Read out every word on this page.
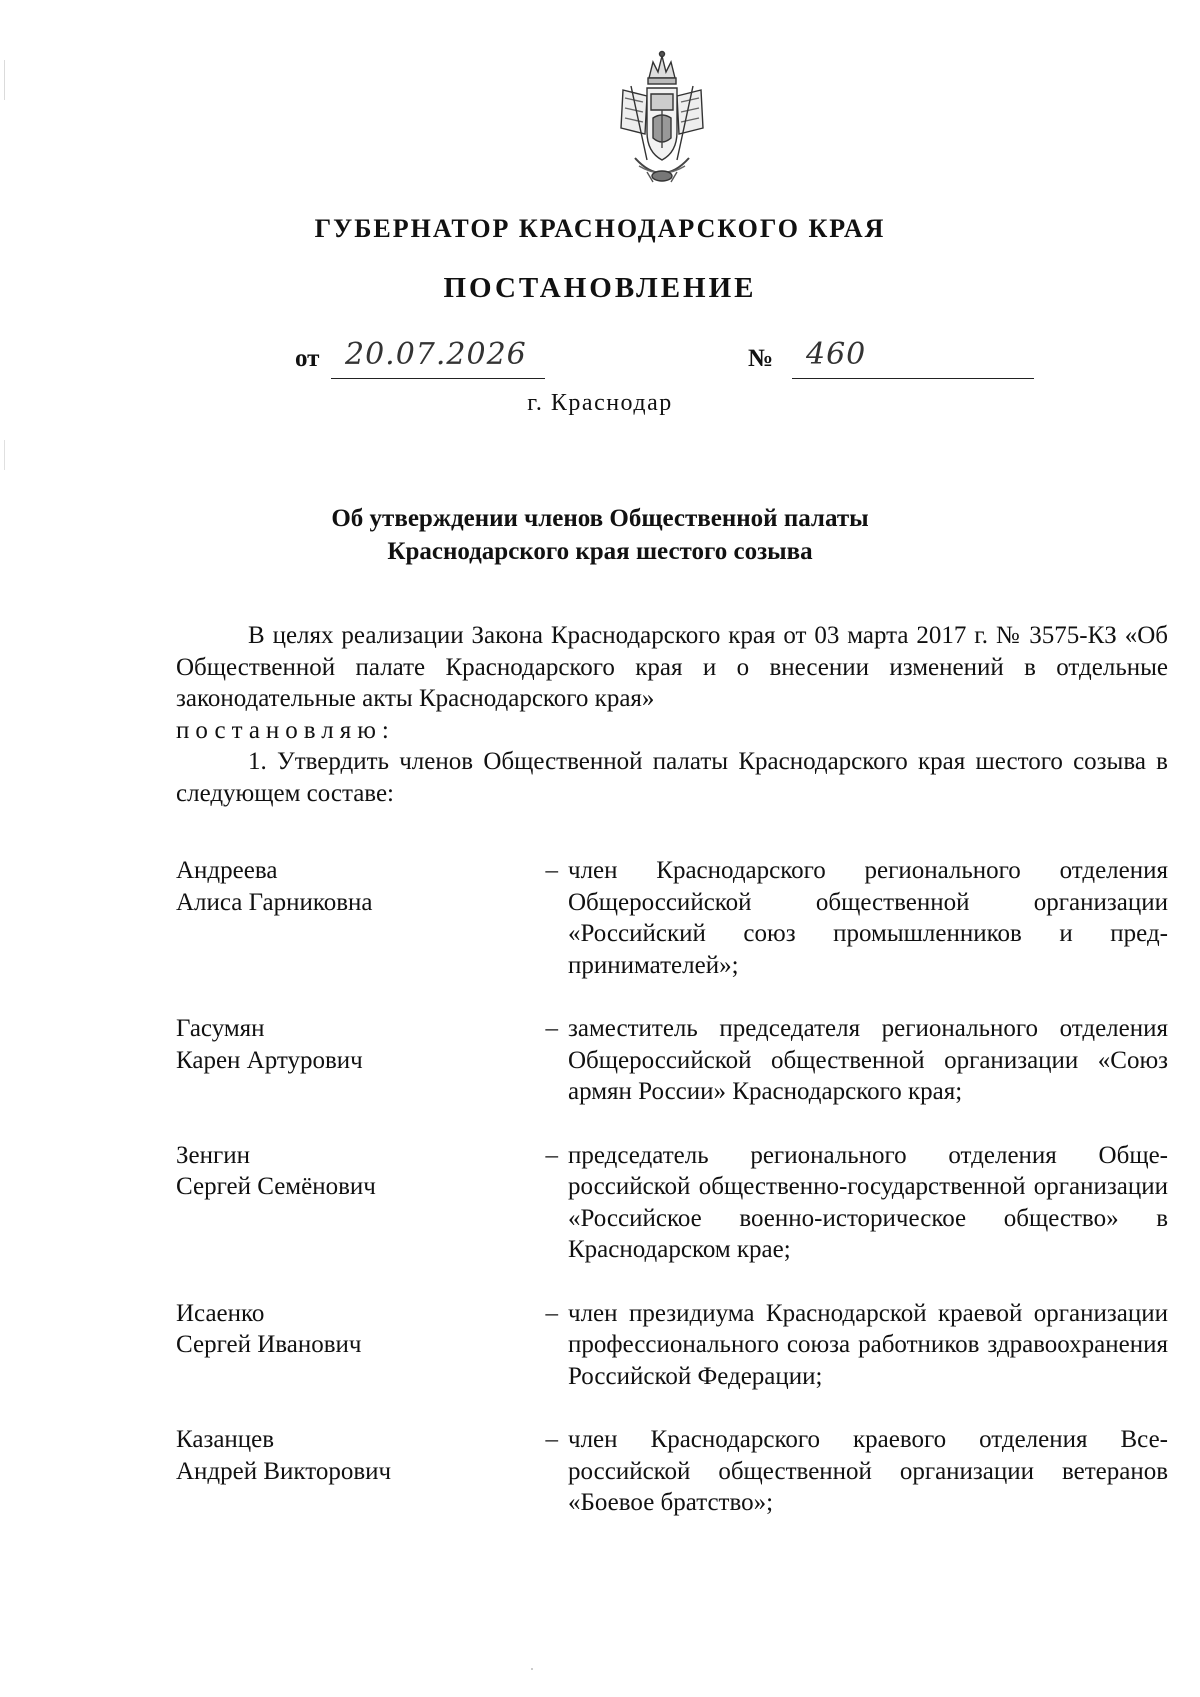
ГУБЕРНАТОР КРАСНОДАРСКОГО КРАЯ
ПОСТАНОВЛЕНИЕ
от 20.07.2026	№ 460
г. Краснодар
Об утверждении членов Общественной палаты
Краснодарского края шестого созыва

В целях реализации Закона Краснодарского края от 03 марта 2017 г. № 3575-КЗ «Об Общественной палате Краснодарского края и о внесении изменений в отдельные законодательные акты Краснодарского края»

постановляю:

1. Утвердить членов Общественной палаты Краснодарского края шестого созыва в следующем составе:

Андреева
Алиса Гарниковна
– член Краснодарского регионального отделения Общероссийской общественной организации «Российский союз промышленников и предпринимателей»;
Гасумян
Карен Артурович
– заместитель председателя регионального отделения Общероссийской общественной организации «Союз армян России» Краснодарского края;
Зенгин
Сергей Семёнович
– председатель регионального отделения Общероссийской общественно-государственной организации «Российское военно-историческое общество» в Краснодарском крае;
Исаенко
Сергей Иванович
– член президиума Краснодарской краевой организации профессионального союза работников здравоохранения Российской Федерации;
Казанцев
Андрей Викторович
– член Краснодарского краевого отделения Всероссийской общественной организации ветеранов «Боевое братство»;
